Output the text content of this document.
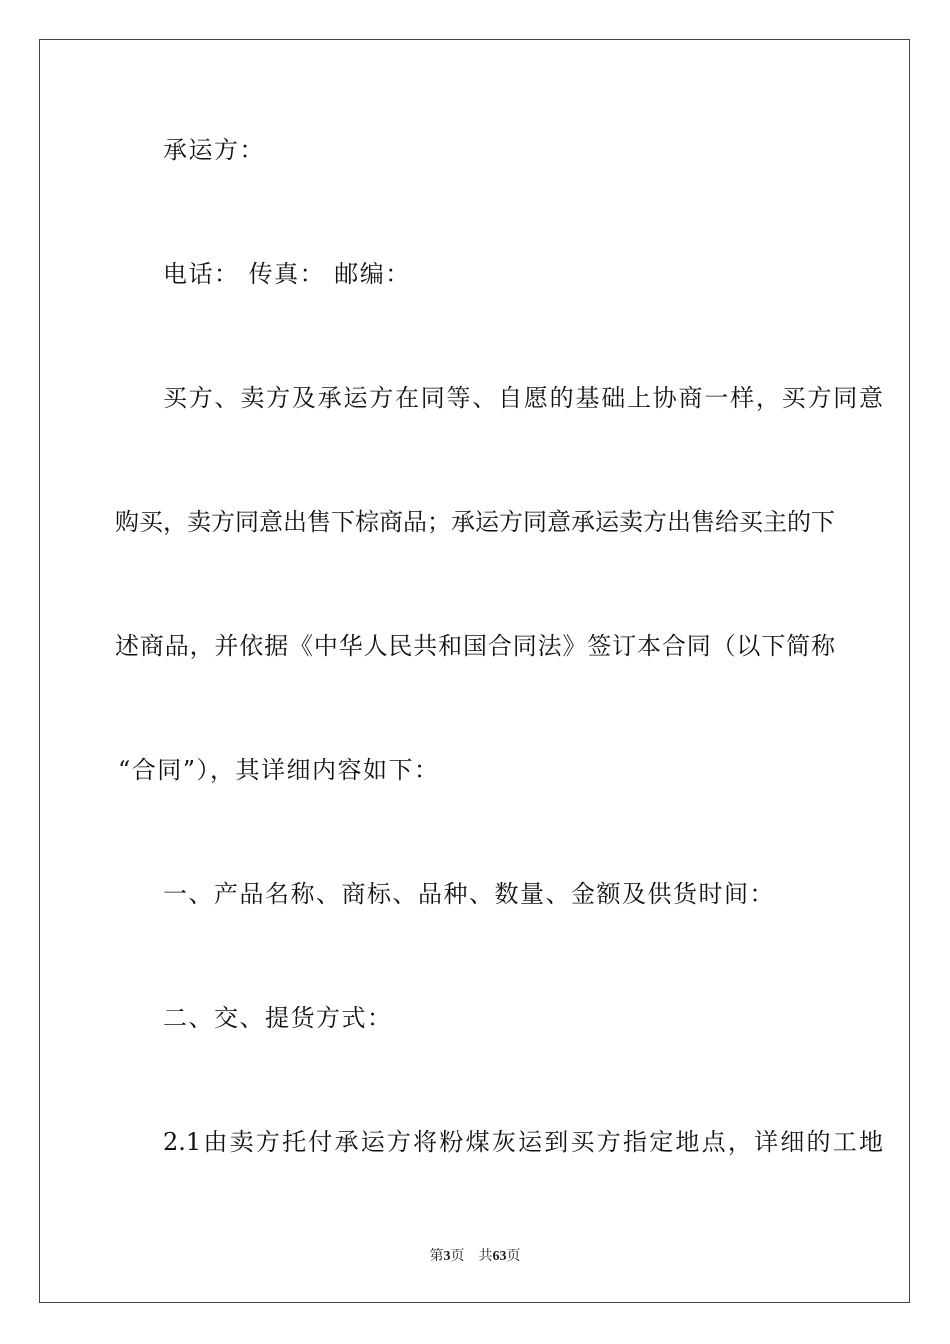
承运方：
电话： 传真： 邮编：
买方、卖方及承运方在同等、自愿的基础上协商一样，买方同意
购买，卖方同意出售下棕商品；承运方同意承运卖方出售给买主的下
述商品，并依据《中华人民共和国合同法》签订本合同（以下简称
“合同”），其详细内容如下：
一、产品名称、商标、品种、数量、金额及供货时间：
二、交、提货方式：
2.1由卖方托付承运方将粉煤灰运到买方指定地点，详细的工地
第3页 共63页
